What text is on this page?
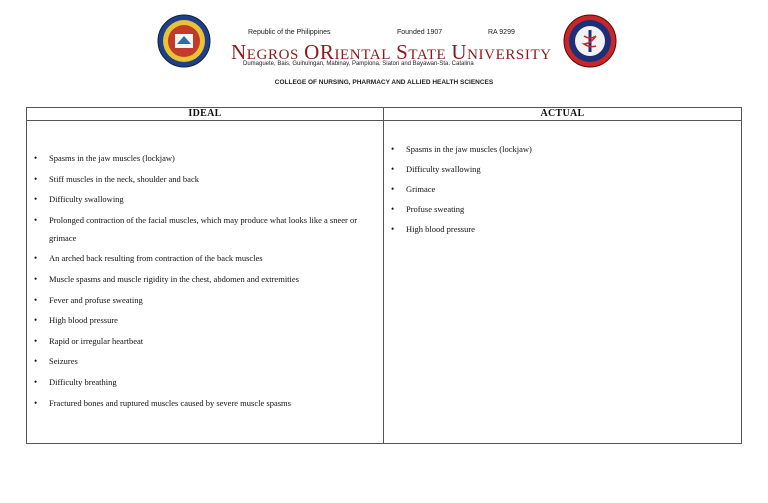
Republic of the Philippines	Founded 1907	RA 9299
NEGROS ORIENTAL STATE UNIVERSITY
Dumaguete, Bais, Guihulngan, Mabinay, Pamplona, Siaton and Bayawan-Sta. Catalina
COLLEGE OF NURSING, PHARMACY AND ALLIED HEALTH SCIENCES
IDEAL
• Spasms in the jaw muscles (lockjaw)
• Stiff muscles in the neck, shoulder and back
• Difficulty swallowing
• Prolonged contraction of the facial muscles, which may produce what looks like a sneer or grimace
• An arched back resulting from contraction of the back muscles
• Muscle spasms and muscle rigidity in the chest, abdomen and extremities
• Fever and profuse sweating
• High blood pressure
• Rapid or irregular heartbeat
• Seizures
• Difficulty breathing
• Fractured bones and ruptured muscles caused by severe muscle spasms
ACTUAL
• Spasms in the jaw muscles (lockjaw)
• Difficulty swallowing
• Grimace
• Profuse sweating
• High blood pressure
